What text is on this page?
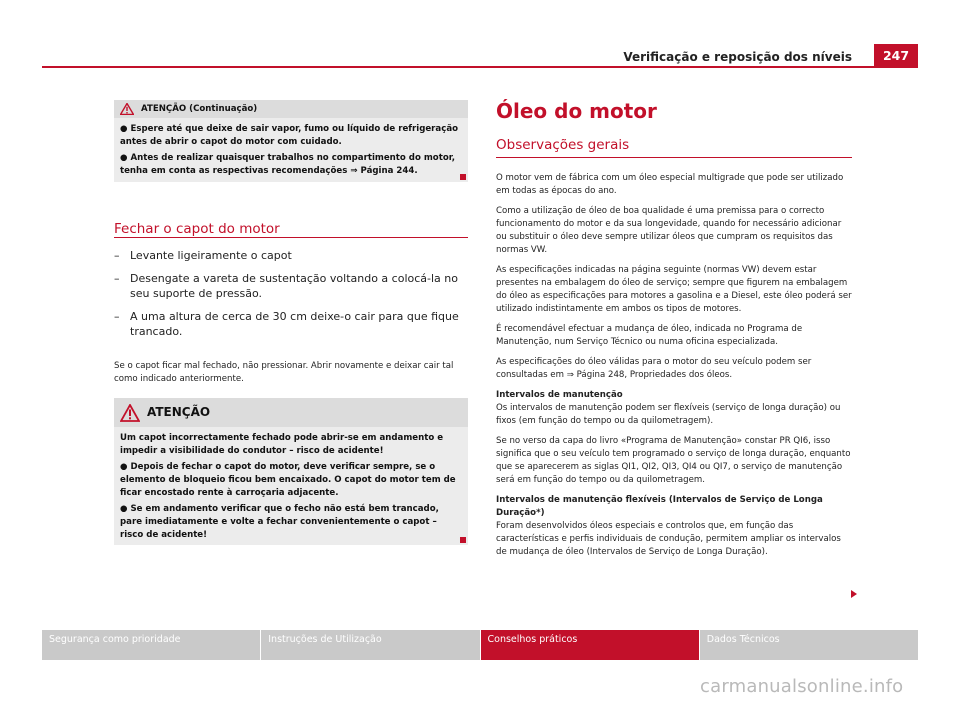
Verificação e reposição dos níveis	247
ATENÇÃO (Continuação)

● Espere até que deixe de sair vapor, fumo ou líquido de refrigeração antes de abrir o capot do motor com cuidado.

● Antes de realizar quaisquer trabalhos no compartimento do motor, tenha em conta as respectivas recomendações ⇒ Página 244.

Fechar o capot do motor
– Levante ligeiramente o capot
– Desengate a vareta de sustentação voltando a colocá-la no seu suporte de pressão.
– A uma altura de cerca de 30 cm deixe-o cair para que fique trancado.
Se o capot ficar mal fechado, não pressionar. Abrir novamente e deixar cair tal como indicado anteriormente.
ATENÇÃO

Um capot incorrectamente fechado pode abrir-se em andamento e impedir a visibilidade do condutor – risco de acidente!

● Depois de fechar o capot do motor, deve verificar sempre, se o elemento de bloqueio ficou bem encaixado. O capot do motor tem de ficar encostado rente à carroçaria adjacente.

● Se em andamento verificar que o fecho não está bem trancado, pare imediatamente e volte a fechar convenientemente o capot – risco de acidente!

Óleo do motor
Observações gerais

O motor vem de fábrica com um óleo especial multigrade que pode ser utilizado em todas as épocas do ano.

Como a utilização de óleo de boa qualidade é uma premissa para o correcto funcionamento do motor e da sua longevidade, quando for necessário adicionar ou substituir o óleo deve sempre utilizar óleos que cumpram os requisitos das normas VW.

As especificações indicadas na página seguinte (normas VW) devem estar presentes na embalagem do óleo de serviço; sempre que figurem na embalagem do óleo as especificações para motores a gasolina e a Diesel, este óleo poderá ser utilizado indistintamente em ambos os tipos de motores.

É recomendável efectuar a mudança de óleo, indicada no Programa de Manutenção, num Serviço Técnico ou numa oficina especializada.

As especificações do óleo válidas para o motor do seu veículo podem ser consultadas em ⇒ Página 248, Propriedades dos óleos.

Intervalos de manutenção

Os intervalos de manutenção podem ser flexíveis (serviço de longa duração) ou fixos (em função do tempo ou da quilometragem).

Se no verso da capa do livro «Programa de Manutenção» constar PR QI6, isso significa que o seu veículo tem programado o serviço de longa duração, enquanto que se aparecerem as siglas QI1, QI2, QI3, QI4 ou QI7, o serviço de manutenção será em função do tempo ou da quilometragem.

Intervalos de manutenção flexíveis (Intervalos de Serviço de Longa Duração*)

Foram desenvolvidos óleos especiais e controlos que, em função das características e perfis individuais de condução, permitem ampliar os intervalos de mudança de óleo (Intervalos de Serviço de Longa Duração).

Segurança como prioridade	Instruções de Utilização	Conselhos práticos	Dados Técnicos
carmanualsonline.info
